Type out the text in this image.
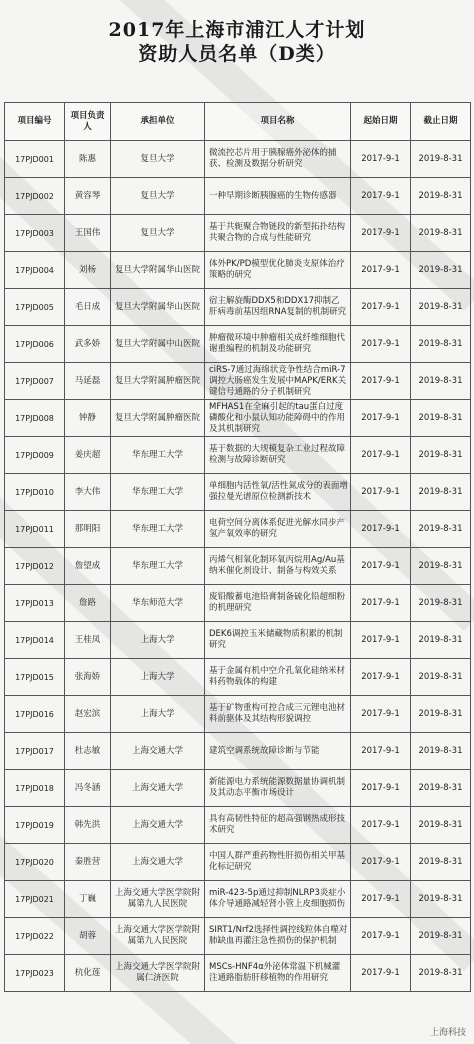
2017年上海市浦江人才计划
资助人员名单（D类）
项目编号	项目负责人	承担单位	项目名称	起始日期	截止日期
17PJD001	陈惠	复旦大学	微流控芯片用于胰腺癌外泌体的捕获、检测及数据分析研究	2017-9-1	2019-8-31
17PJD002	黄容琴	复旦大学	一种早期诊断胰腺癌的生物传感器	2017-9-1	2019-8-31
17PJD003	王国伟	复旦大学	基于共轭聚合物链段的新型拓扑结构共聚合物的合成与性能研究	2017-9-1	2019-8-31
17PJD004	刘杨	复旦大学附属华山医院	体外PK/PD模型优化肺炎支原体治疗策略的研究	2017-9-1	2019-8-31
17PJD005	毛日成	复旦大学附属华山医院	宿主解旋酶DDX5和DDX17抑制乙肝病毒前基因组RNA复制的机制研究	2017-9-1	2019-8-31
17PJD006	武多娇	复旦大学附属中山医院	肿瘤微环境中肿瘤相关成纤维细胞代谢重编程的机制及功能研究	2017-9-1	2019-8-31
17PJD007	马延磊	复旦大学附属肿瘤医院	ciRS-7通过海绵状竞争性结合miR-7调控大肠癌发生发展中MAPK/ERK关键信号通路的分子机制研究	2017-9-1	2019-8-31
17PJD008	钟静	复旦大学附属肿瘤医院	MFHAS1在全麻引起的tau蛋白过度磷酸化和小鼠认知功能障碍中的作用及其机制研究	2017-9-1	2019-8-31
17PJD009	姜庆超	华东理工大学	基于数据的大规模复杂工业过程故障检测与故障诊断研究	2017-9-1	2019-8-31
17PJD010	李大伟	华东理工大学	单细胞内活性氧/活性氮成分的表面增强拉曼光谱原位检测新技术	2017-9-1	2019-8-31
17PJD011	那明阳	华东理工大学	电荷空间分离体系促进光解水同步产氢产氧效率的研究	2017-9-1	2019-8-31
17PJD012	詹望成	华东理工大学	丙烯气相氧化制环氧丙烷用Ag/Au基纳米催化剂设计、制备与构效关系	2017-9-1	2019-8-31
17PJD013	詹路	华东师范大学	废铅酸蓄电池铅膏制备硫化铅超细粉的机理研究	2017-9-1	2019-8-31
17PJD014	王桂凤	上海大学	DEK6调控玉米储藏物质积累的机制研究	2017-9-1	2019-8-31
17PJD015	张海娇	上海大学	基于金属有机中空介孔氧化硅纳米材料药物载体的构建	2017-9-1	2019-8-31
17PJD016	赵宏滨	上海大学	基于矿物重构可控合成三元锂电池材料前驱体及其结构形貌调控	2017-9-1	2019-8-31
17PJD017	杜志敏	上海交通大学	建筑空调系统故障诊断与节能	2017-9-1	2019-8-31
17PJD018	冯冬涵	上海交通大学	新能源电力系统能源数据量协调机制及其动态平衡市场设计	2017-9-1	2019-8-31
17PJD019	韩先洪	上海交通大学	具有高韧性特征的超高强钢热成形技术研究	2017-9-1	2019-8-31
17PJD020	秦胜营	上海交通大学	中国人群严重药物性肝损伤相关甲基化标记研究	2017-9-1	2019-8-31
17PJD021	丁巍	上海交通大学医学院附属第九人民医院	miR-423-5p通过抑制NLRP3炎症小体介导通路减轻肾小管上皮细胞损伤	2017-9-1	2019-8-31
17PJD022	胡蓉	上海交通大学医学院附属第九人民医院	SIRT1/Nrf2选择性调控线粒体自噬对肺缺血再灌注急性损伤的保护机制	2017-9-1	2019-8-31
17PJD023	杭化莲	上海交通大学医学院附属仁济医院	MSCs-HNF4α外泌体常温下机械灌注通路脂肪肝移植物的作用研究	2017-9-1	2019-8-31
上海科技
